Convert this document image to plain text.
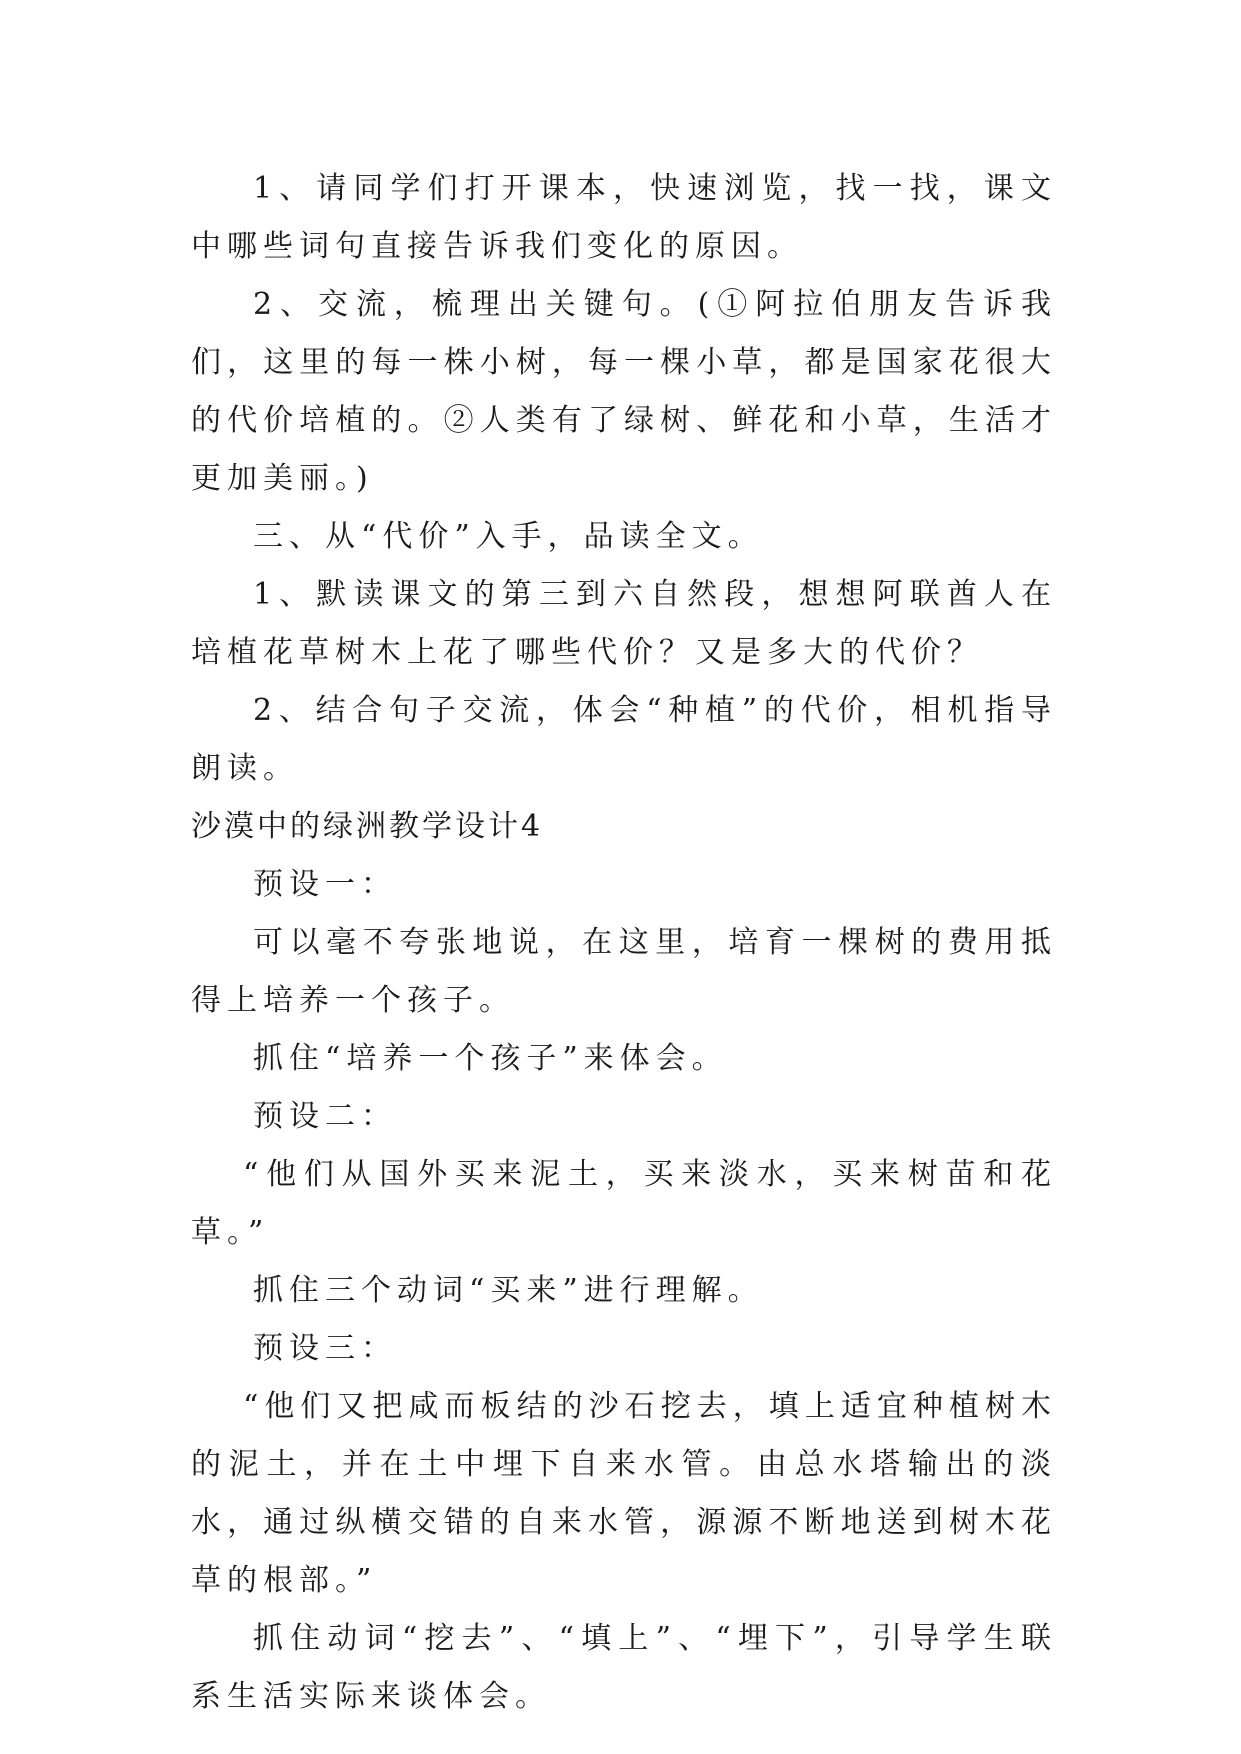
1、请同学们打开课本，快速浏览，找一找，课文中哪些词句直接告诉我们变化的原因。

2、交流，梳理出关键句。(①阿拉伯朋友告诉我们，这里的每一株小树，每一棵小草，都是国家花很大的代价培植的。②人类有了绿树、鲜花和小草，生活才更加美丽。)

三、从“代价”入手，品读全文。

1、默读课文的第三到六自然段，想想阿联酋人在培植花草树木上花了哪些代价？又是多大的代价？

2、结合句子交流，体会“种植”的代价，相机指导朗读。

沙漠中的绿洲教学设计4

预设一：

可以毫不夸张地说，在这里，培育一棵树的费用抵得上培养一个孩子。

抓住“培养一个孩子”来体会。

预设二：

“他们从国外买来泥土，买来淡水，买来树苗和花草。”

抓住三个动词“买来”进行理解。

预设三：

“他们又把咸而板结的沙石挖去，填上适宜种植树木的泥土，并在土中埋下自来水管。由总水塔输出的淡水，通过纵横交错的自来水管，源源不断地送到树木花草的根部。”

抓住动词“挖去”、“填上”、“埋下”，引导学生联系生活实际来谈体会。
